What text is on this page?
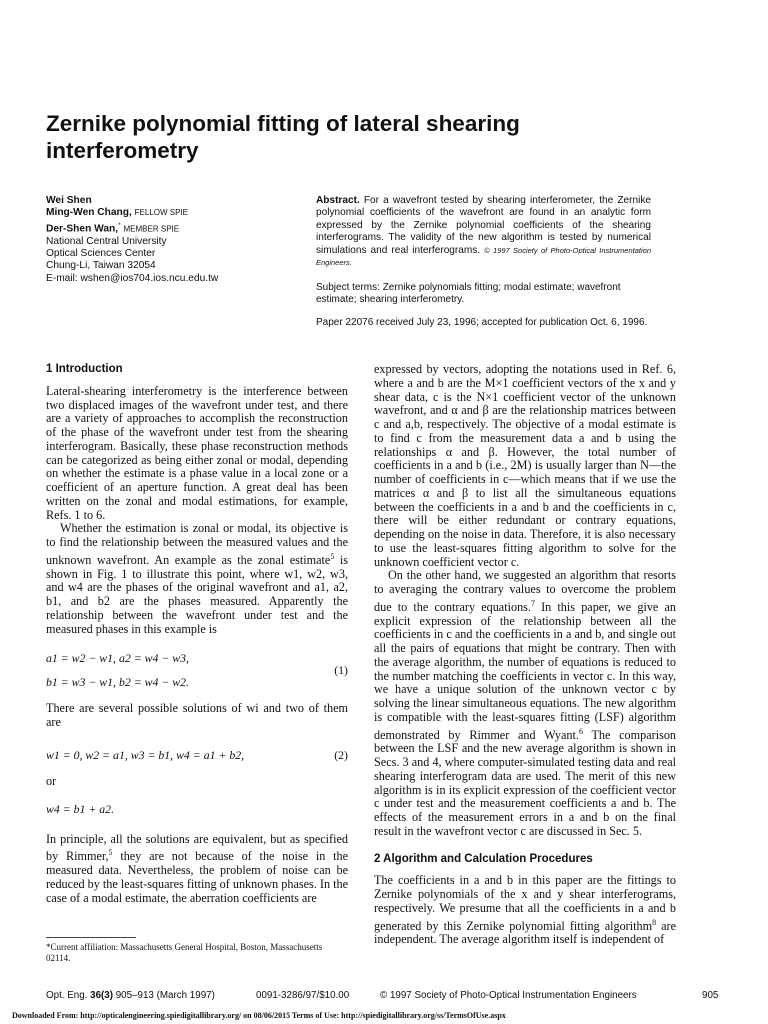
Zernike polynomial fitting of lateral shearing interferometry
Wei Shen
Ming-Wen Chang, FELLOW SPIE
Der-Shen Wan,* MEMBER SPIE
National Central University
Optical Sciences Center
Chung-Li, Taiwan 32054
E-mail: wshen@ios704.ios.ncu.edu.tw
Abstract. For a wavefront tested by shearing interferometer, the Zernike polynomial coefficients of the wavefront are found in an analytic form expressed by the Zernike polynomial coefficients of the shearing interferograms. The validity of the new algorithm is tested by numerical simulations and real interferograms. © 1997 Society of Photo-Optical Instrumentation Engineers.
Subject terms: Zernike polynomials fitting; modal estimate; wavefront estimate; shearing interferometry.
Paper 22076 received July 23, 1996; accepted for publication Oct. 6, 1996.
1 Introduction

Lateral-shearing interferometry is the interference between two displaced images of the wavefront under test, and there are a variety of approaches to accomplish the reconstruction of the phase of the wavefront under test from the shearing interferogram. Basically, these phase reconstruction methods can be categorized as being either zonal or modal, depending on whether the estimate is a phase value in a local zone or a coefficient of an aperture function. A great deal has been written on the zonal and modal estimations, for example, Refs. 1 to 6.

Whether the estimation is zonal or modal, its objective is to find the relationship between the measured values and the unknown wavefront. An example as the zonal estimate$^5$ is shown in Fig. 1 to illustrate this point, where w1, w2, w3, and w4 are the phases of the original wavefront and a1, a2, b1, and b2 are the phases measured. Apparently the relationship between the wavefront under test and the measured phases in this example is

a1 = w2 − w1, a2 = w4 − w3,
b1 = w3 − w1, b2 = w4 − w2.
(1)

There are several possible solutions of wi and two of them are

w1 = 0, w2 = a1, w3 = b1, w4 = a1 + b2,	(2)

or

w4 = b1 + a2.

In principle, all the solutions are equivalent, but as specified by Rimmer,$^5$ they are not because of the noise in the measured data. Nevertheless, the problem of noise can be reduced by the least-squares fitting of unknown phases. In the case of a modal estimate, the aberration coefficients are

*Current affiliation: Massachusetts General Hospital, Boston, Massachusetts 02114.

expressed by vectors, adopting the notations used in Ref. 6, where a and b are the M×1 coefficient vectors of the x and y shear data, c is the N×1 coefficient vector of the unknown wavefront, and α and β are the relationship matrices between c and a,b, respectively. The objective of a modal estimate is to find c from the measurement data a and b using the relationships α and β. However, the total number of coefficients in a and b (i.e., 2M) is usually larger than N—the number of coefficients in c—which means that if we use the matrices α and β to list all the simultaneous equations between the coefficients in a and b and the coefficients in c, there will be either redundant or contrary equations, depending on the noise in data. Therefore, it is also necessary to use the least-squares fitting algorithm to solve for the unknown coefficient vector c.

On the other hand, we suggested an algorithm that resorts to averaging the contrary values to overcome the problem due to the contrary equations.$^7$ In this paper, we give an explicit expression of the relationship between all the coefficients in c and the coefficients in a and b, and single out all the pairs of equations that might be contrary. Then with the average algorithm, the number of equations is reduced to the number matching the coefficients in vector c. In this way, we have a unique solution of the unknown vector c by solving the linear simultaneous equations. The new algorithm is compatible with the least-squares fitting (LSF) algorithm demonstrated by Rimmer and Wyant.$^6$ The comparison between the LSF and the new average algorithm is shown in Secs. 3 and 4, where computer-simulated testing data and real shearing interferogram data are used. The merit of this new algorithm is in its explicit expression of the coefficient vector c under test and the measurement coefficients a and b. The effects of the measurement errors in a and b on the final result in the wavefront vector c are discussed in Sec. 5.

2 Algorithm and Calculation Procedures

The coefficients in a and b in this paper are the fittings to Zernike polynomials of the x and y shear interferograms, respectively. We presume that all the coefficients in a and b generated by this Zernike polynomial fitting algorithm$^8$ are independent. The average algorithm itself is independent of

Opt. Eng. 36(3) 905–913 (March 1997)	0091-3286/97/$10.00	© 1997 Society of Photo-Optical Instrumentation Engineers	905
Downloaded From: http://opticalengineering.spiedigitallibrary.org/ on 08/06/2015 Terms of Use: http://spiedigitallibrary.org/ss/TermsOfUse.aspx
